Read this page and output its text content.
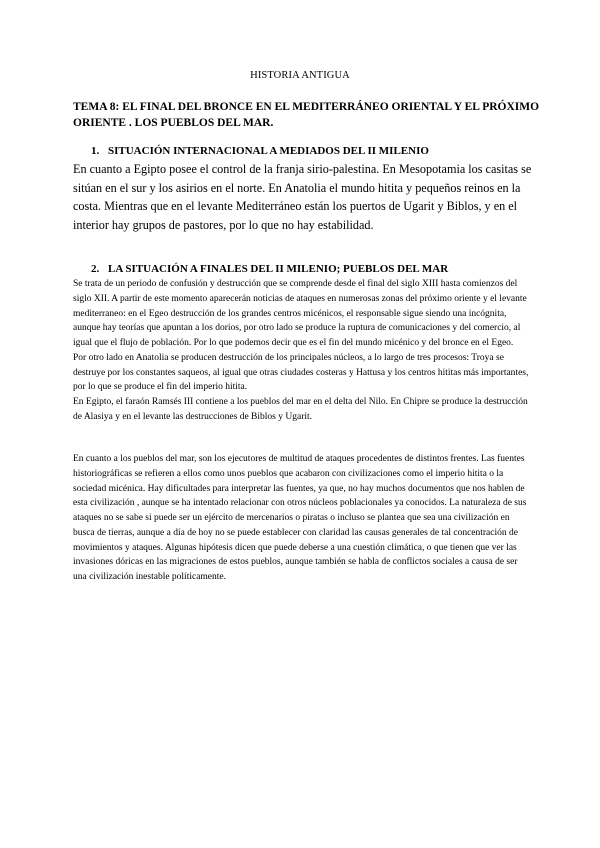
HISTORIA ANTIGUA
TEMA 8: EL FINAL DEL BRONCE EN EL MEDITERRÁNEO ORIENTAL Y EL PRÓXIMO ORIENTE . LOS PUEBLOS DEL MAR.
1. SITUACIÓN INTERNACIONAL A MEDIADOS DEL II MILENIO
En cuanto a Egipto posee el control de la franja sirio-palestina. En Mesopotamia los casitas se sitúan en el sur y los asirios en el norte. En Anatolia el mundo hitita y pequeños reinos en la costa. Mientras que en el levante Mediterráneo están los puertos de Ugarit y Biblos, y en el interior hay grupos de pastores, por lo que no hay estabilidad.
2. LA SITUACIÓN A FINALES DEL II MILENIO; PUEBLOS DEL MAR

Se trata de un periodo de confusión y destrucción que se comprende desde el final del siglo XIII hasta comienzos del siglo XII. A partir de este momento aparecerán noticias de ataques en numerosas zonas del próximo oriente y el levante mediterraneo: en el Egeo destrucción de los grandes centros micénicos, el responsable sigue siendo una incógnita, aunque hay teorías que apuntan a los dorios, por otro lado se produce la ruptura de comunicaciones y del comercio, al igual que el flujo de población. Por lo que podemos decir que es el fin del mundo micénico y del bronce en el Egeo.

Por otro lado en Anatolia se producen destrucción de los principales núcleos, a lo largo de tres procesos: Troya se destruye por los constantes saqueos, al igual que otras ciudades costeras y Hattusa y los centros hititas más importantes, por lo que se produce el fin del imperio hitita.

En Egipto, el faraón Ramsés III contiene a los pueblos del mar en el delta del Nilo. En Chipre se produce la destrucción de Alasiya y en el levante las destrucciones de Biblos y Ugarit.

En cuanto a los pueblos del mar, son los ejecutores de multitud de ataques procedentes de distintos frentes. Las fuentes historiográficas se refieren a ellos como unos pueblos que acabaron con civilizaciones como el imperio hitita o la sociedad micénica. Hay dificultades para interpretar las fuentes, ya que, no hay muchos documentos que nos hablen de esta civilización , aunque se ha intentado relacionar con otros núcleos poblacionales ya conocidos. La naturaleza de sus ataques no se sabe si puede ser un ejército de mercenarios o piratas o incluso se plantea que sea una civilización en busca de tierras, aunque a día de hoy no se puede establecer con claridad las causas generales de tal concentración de movimientos y ataques. Algunas hipótesis dicen que puede deberse a una cuestión climática, o que tienen que ver las invasiones dóricas en las migraciones de estos pueblos, aunque también se habla de conflictos sociales a causa de ser una civilización inestable políticamente.
